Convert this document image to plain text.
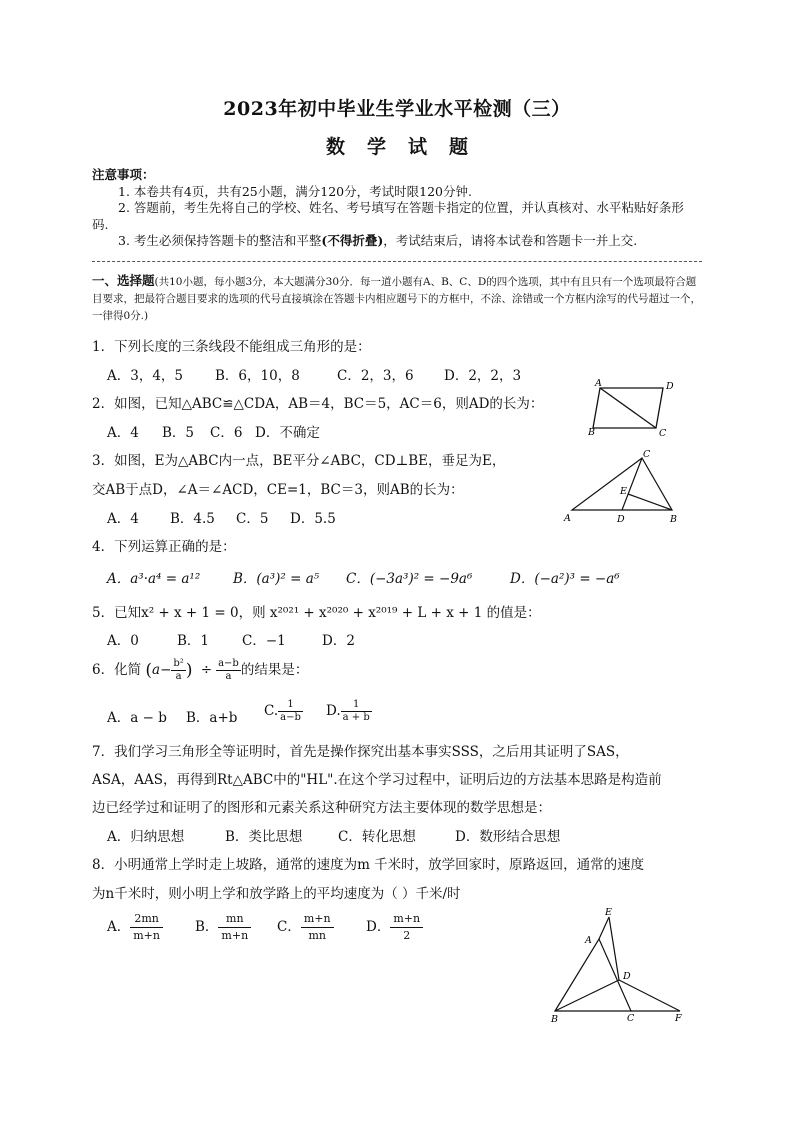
2023年初中毕业生学业水平检测（三）
数学试题
注意事项：
1. 本卷共有4页，共有25小题，满分120分，考试时限120分钟.
2. 答题前，考生先将自己的学校、姓名、考号填写在答题卡指定的位置，并认真核对、水平粘贴好条形码.
3. 考生必须保持答题卡的整洁和平整(不得折叠)，考试结束后，请将本试卷和答题卡一并上交.
一、选择题(共10小题，每小题3分，本大题满分30分．每一道小题有A、B、C、D的四个选项，其中有且只有一个选项最符合题目要求，把最符合题目要求的选项的代号直接填涂在答题卡内相应题号下的方框中，不涂、涂错或一个方框内涂写的代号超过一个，一律得0分.)
1．下列长度的三条线段不能组成三角形的是：
A．3，4，5 B．6，10，8	C．2，3，6 D．2，2，3
2．如图，已知△ABC≌△CDA，AB＝4，BC＝5，AC＝6，则AD的长为：
A．4 B．5 C．6 D．不确定
A	D
B	C
3．如图，E为△ABC内一点，BE平分∠ABC，CD⊥BE，垂足为E，
交AB于点D，∠A＝∠ACD，CE=1，BC＝3，则AB的长为：
A．4 B．4.5 C．5 D．5.5
C
E
A	D	B
4．下列运算正确的是：
A．a³·a⁴ = a¹² B．(a³)² = a⁵ C．(−3a³)² = −9a⁶	D．(−a²)³ = −a⁶
5．已知x² + x + 1 = 0，则 x²⁰²¹ + x²⁰²⁰ + x²⁰¹⁹ + L + x + 1 的值是：
A．0	B．1 C．−1	D．2
6．化简 ($a- \frac{\text{b²}}{a}$ ) ÷ $\frac{a-b}{a}$ 的结果是：
A．a − b B．a+b C. $\frac{1}{a-b} D$. $\frac{1}{a + b}$
7．我们学习三角形全等证明时，首先是操作探究出基本事实SSS，之后用其证明了SAS，
ASA，AAS，再得到Rt△ABC中的"HL".在这个学习过程中，证明后边的方法基本思路是构造前
边已经学过和证明了的图形和元素关系这种研究方法主要体现的数学思想是：
A．归纳思想	B．类比思想	C．转化思想	D．数形结合思想
8．小明通常上学时走上坡路，通常的速度为m 千米时，放学回家时，原路返回，通常的速度
为n千米时，则小明上学和放学路上的平均速度为（ ）千米/时
A． $\frac{2mn}{m+n}$ B． $\frac{mn}{m+n}$ C． $\frac{m+n}{mn}$ D． $\frac{m+n}{2}$	E
A
D
B	C	F
